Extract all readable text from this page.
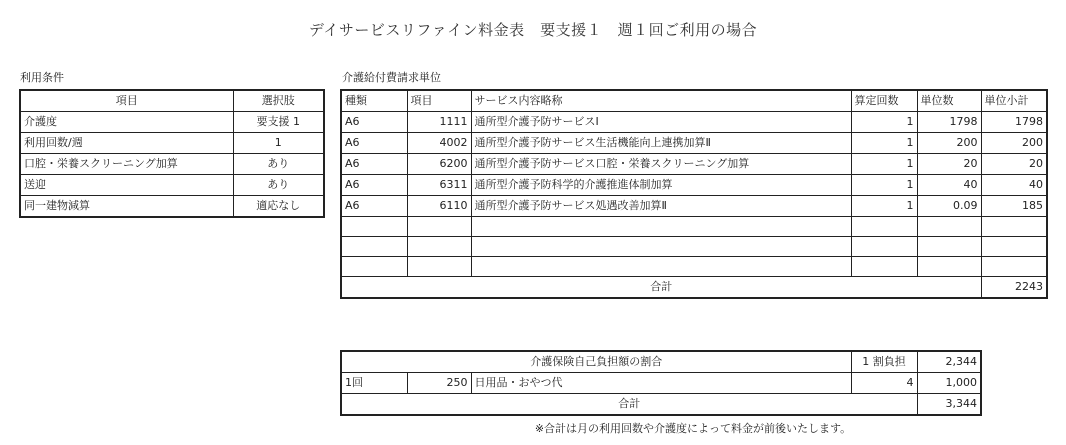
デイサービスリファイン料金表　要支援１　週１回ご利用の場合
利用条件
項目	選択肢
介護度	要支援 1
利用回数/週	1
口腔・栄養スクリーニング加算	あり
送迎	あり
同一建物減算	適応なし
介護給付費請求単位
種類	項目	サービス内容略称	算定回数	単位数	単位小計
A6	1111	通所型介護予防サービスⅠ	1	1798	1798
A6	4002	通所型介護予防サービス生活機能向上連携加算Ⅱ	1	200	200
A6	6200	通所型介護予防サービス口腔・栄養スクリーニング加算	1	20	20
A6	6311	通所型介護予防科学的介護推進体制加算	1	40	40
A6	6110	通所型介護予防サービス処遇改善加算Ⅱ	1	0.09	185

合計					2243
介護保険自己負担額の割合			1 割負担	2,344
1回	250	日用品・おやつ代	4	1,000
合計				3,344
※合計は月の利用回数や介護度によって料金が前後いたします。
